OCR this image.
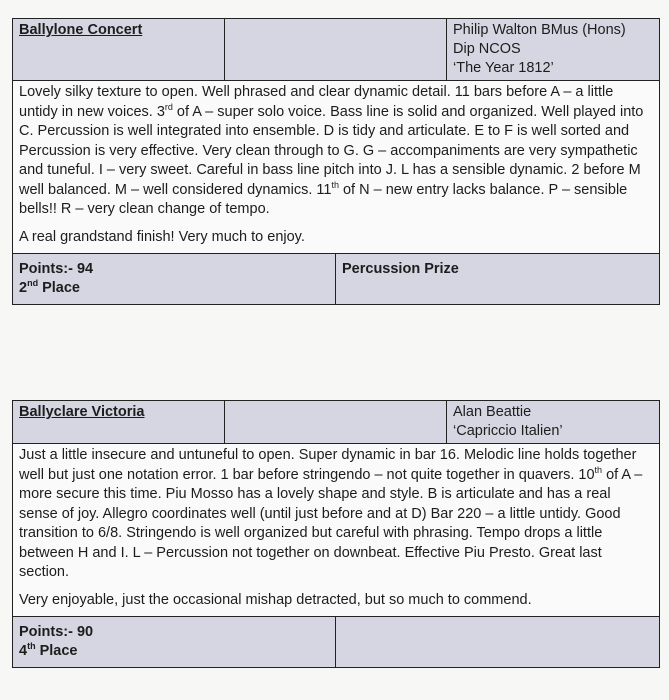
Ballylone Concert	Philip Walton BMus (Hons)
Dip NCOS
‘The Year 1812’

Lovely silky texture to open. Well phrased and clear dynamic detail. 11 bars before A – a little untidy in new voices. 3rd of A – super solo voice. Bass line is solid and organized. Well played into C. Percussion is well integrated into ensemble. D is tidy and articulate. E to F is well sorted and Percussion is very effective. Very clean through to G. G – accompaniments are very sympathetic and tuneful. I – very sweet. Careful in bass line pitch into J. L has a sensible dynamic. 2 before M well balanced. M – well considered dynamics. 11th of N – new entry lacks balance. P – sensible bells!! R – very clean change of tempo.

A real grandstand finish! Very much to enjoy.

Points:- 94
2nd Place
Percussion Prize
Ballyclare Victoria	Alan Beattie
‘Capriccio Italien’

Just a little insecure and untuneful to open. Super dynamic in bar 16. Melodic line holds together well but just one notation error. 1 bar before stringendo – not quite together in quavers. 10th of A – more secure this time. Piu Mosso has a lovely shape and style. B is articulate and has a real sense of joy. Allegro coordinates well (until just before and at D) Bar 220 – a little untidy. Good transition to 6/8. Stringendo is well organized but careful with phrasing. Tempo drops a little between H and I. L – Percussion not together on downbeat. Effective Piu Presto. Great last section.

Very enjoyable, just the occasional mishap detracted, but so much to commend.

Points:- 90
4th Place
